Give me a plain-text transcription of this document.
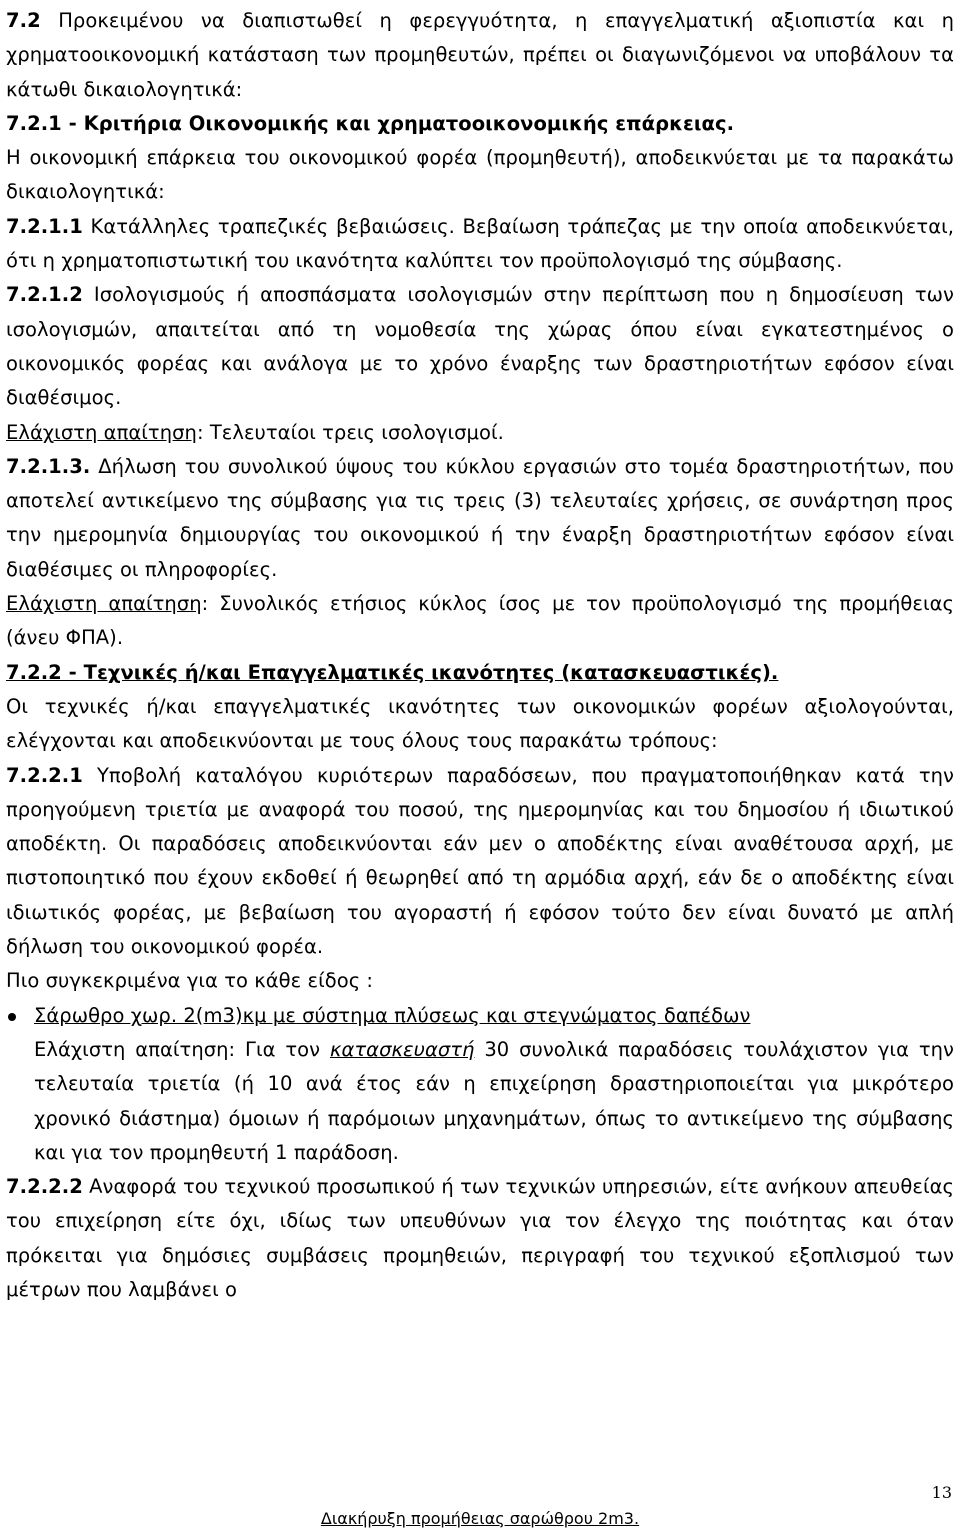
7.2 Προκειμένου να διαπιστωθεί η φερεγγυότητα, η επαγγελματική αξιοπιστία και η χρηματοοικονομική κατάσταση των προμηθευτών, πρέπει οι διαγωνιζόμενοι να υποβάλουν τα κάτωθι δικαιολογητικά:

7.2.1 - Κριτήρια Οικονομικής και χρηματοοικονομικής επάρκειας.

Η οικονομική επάρκεια του οικονομικού φορέα (προμηθευτή), αποδεικνύεται με τα παρακάτω δικαιολογητικά:

7.2.1.1 Κατάλληλες τραπεζικές βεβαιώσεις. Βεβαίωση τράπεζας με την οποία αποδεικνύεται, ότι η χρηματοπιστωτική του ικανότητα καλύπτει τον προϋπολογισμό της σύμβασης.

7.2.1.2 Ισολογισμούς ή αποσπάσματα ισολογισμών στην περίπτωση που η δημοσίευση των ισολογισμών, απαιτείται από τη νομοθεσία της χώρας όπου είναι εγκατεστημένος ο οικονομικός φορέας και ανάλογα με το χρόνο έναρξης των δραστηριοτήτων εφόσον είναι διαθέσιμος.

Ελάχιστη απαίτηση: Τελευταίοι τρεις ισολογισμοί.

7.2.1.3. Δήλωση του συνολικού ύψους του κύκλου εργασιών στο τομέα δραστηριοτήτων, που αποτελεί αντικείμενο της σύμβασης για τις τρεις (3) τελευταίες χρήσεις, σε συνάρτηση προς την ημερομηνία δημιουργίας του οικονομικού ή την έναρξη δραστηριοτήτων εφόσον είναι διαθέσιμες οι πληροφορίες.

Ελάχιστη απαίτηση: Συνολικός ετήσιος κύκλος ίσος με τον προϋπολογισμό της προμήθειας (άνευ ΦΠΑ).

7.2.2 - Τεχνικές ή/και Επαγγελματικές ικανότητες (κατασκευαστικές).

Οι τεχνικές ή/και επαγγελματικές ικανότητες των οικονομικών φορέων αξιολογούνται, ελέγχονται και αποδεικνύονται με τους όλους τους παρακάτω τρόπους:

7.2.2.1 Υποβολή καταλόγου κυριότερων παραδόσεων, που πραγματοποιήθηκαν κατά την προηγούμενη τριετία με αναφορά του ποσού, της ημερομηνίας και του δημοσίου ή ιδιωτικού αποδέκτη. Οι παραδόσεις αποδεικνύονται εάν μεν ο αποδέκτης είναι αναθέτουσα αρχή, με πιστοποιητικό που έχουν εκδοθεί ή θεωρηθεί από τη αρμόδια αρχή, εάν δε ο αποδέκτης είναι ιδιωτικός φορέας, με βεβαίωση του αγοραστή ή εφόσον τούτο δεν είναι δυνατό με απλή δήλωση του οικονομικού φορέα.

Πιο συγκεκριμένα για το κάθε είδος :

Σάρωθρο χωρ. 2(m3)κμ με σύστημα πλύσεως και στεγνώματος δαπέδων

Ελάχιστη απαίτηση: Για τον κατασκευαστή 30 συνολικά παραδόσεις τουλάχιστον για την τελευταία τριετία (ή 10 ανά έτος εάν η επιχείρηση δραστηριοποιείται για μικρότερο χρονικό διάστημα) όμοιων ή παρόμοιων μηχανημάτων, όπως το αντικείμενο της σύμβασης και για τον προμηθευτή 1 παράδοση.

7.2.2.2 Αναφορά του τεχνικού προσωπικού ή των τεχνικών υπηρεσιών, είτε ανήκουν απευθείας του επιχείρηση είτε όχι, ιδίως των υπευθύνων για τον έλεγχο της ποιότητας και όταν πρόκειται για δημόσιες συμβάσεις προμηθειών, περιγραφή του τεχνικού εξοπλισμού των μέτρων που λαμβάνει ο

13
Διακήρυξη προμήθειας σαρώθρου 2m3.
